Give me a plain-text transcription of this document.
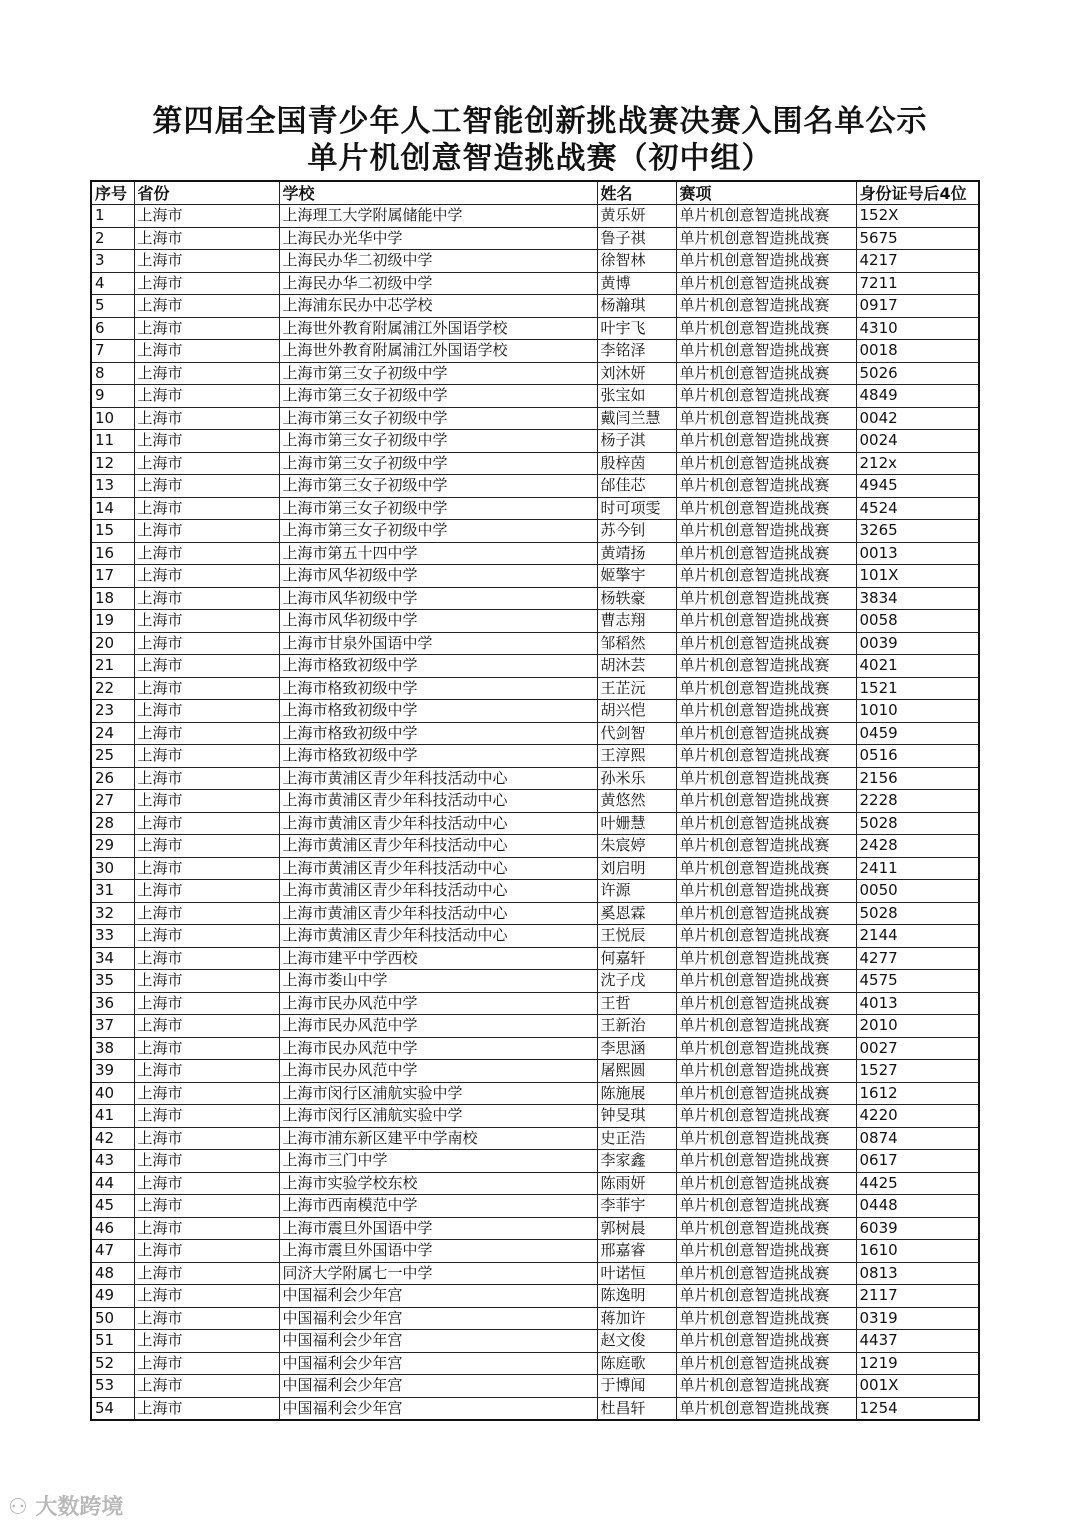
第四届全国青少年人工智能创新挑战赛决赛入围名单公示
单片机创意智造挑战赛（初中组）
序号	省份	学校	姓名	赛项	身份证号后4位
1	上海市	上海理工大学附属储能中学	黄乐妍	单片机创意智造挑战赛	152X
2	上海市	上海民办光华中学	鲁子祺	单片机创意智造挑战赛	5675
3	上海市	上海民办华二初级中学	徐智林	单片机创意智造挑战赛	4217
4	上海市	上海民办华二初级中学	黄博	单片机创意智造挑战赛	7211
5	上海市	上海浦东民办中芯学校	杨瀚琪	单片机创意智造挑战赛	0917
6	上海市	上海世外教育附属浦江外国语学校	叶宇飞	单片机创意智造挑战赛	4310
7	上海市	上海世外教育附属浦江外国语学校	李铭泽	单片机创意智造挑战赛	0018
8	上海市	上海市第三女子初级中学	刘沐妍	单片机创意智造挑战赛	5026
9	上海市	上海市第三女子初级中学	张宝如	单片机创意智造挑战赛	4849
10	上海市	上海市第三女子初级中学	戴闫兰慧	单片机创意智造挑战赛	0042
11	上海市	上海市第三女子初级中学	杨子淇	单片机创意智造挑战赛	0024
12	上海市	上海市第三女子初级中学	殷梓茵	单片机创意智造挑战赛	212x
13	上海市	上海市第三女子初级中学	邰佳芯	单片机创意智造挑战赛	4945
14	上海市	上海市第三女子初级中学	时可项雯	单片机创意智造挑战赛	4524
15	上海市	上海市第三女子初级中学	苏今钊	单片机创意智造挑战赛	3265
16	上海市	上海市第五十四中学	黄靖扬	单片机创意智造挑战赛	0013
17	上海市	上海市风华初级中学	姬擎宇	单片机创意智造挑战赛	101X
18	上海市	上海市风华初级中学	杨轶豪	单片机创意智造挑战赛	3834
19	上海市	上海市风华初级中学	曹志翔	单片机创意智造挑战赛	0058
20	上海市	上海市甘泉外国语中学	邹稻然	单片机创意智造挑战赛	0039
21	上海市	上海市格致初级中学	胡沐芸	单片机创意智造挑战赛	4021
22	上海市	上海市格致初级中学	王芷沅	单片机创意智造挑战赛	1521
23	上海市	上海市格致初级中学	胡兴恺	单片机创意智造挑战赛	1010
24	上海市	上海市格致初级中学	代剑智	单片机创意智造挑战赛	0459
25	上海市	上海市格致初级中学	王淳熙	单片机创意智造挑战赛	0516
26	上海市	上海市黄浦区青少年科技活动中心	孙米乐	单片机创意智造挑战赛	2156
27	上海市	上海市黄浦区青少年科技活动中心	黄悠然	单片机创意智造挑战赛	2228
28	上海市	上海市黄浦区青少年科技活动中心	叶姗慧	单片机创意智造挑战赛	5028
29	上海市	上海市黄浦区青少年科技活动中心	朱宸婷	单片机创意智造挑战赛	2428
30	上海市	上海市黄浦区青少年科技活动中心	刘启明	单片机创意智造挑战赛	2411
31	上海市	上海市黄浦区青少年科技活动中心	许源	单片机创意智造挑战赛	0050
32	上海市	上海市黄浦区青少年科技活动中心	奚恩霖	单片机创意智造挑战赛	5028
33	上海市	上海市黄浦区青少年科技活动中心	王悦辰	单片机创意智造挑战赛	2144
34	上海市	上海市建平中学西校	何嘉轩	单片机创意智造挑战赛	4277
35	上海市	上海市娄山中学	沈子戊	单片机创意智造挑战赛	4575
36	上海市	上海市民办风范中学	王哲	单片机创意智造挑战赛	4013
37	上海市	上海市民办风范中学	王新治	单片机创意智造挑战赛	2010
38	上海市	上海市民办风范中学	李思涵	单片机创意智造挑战赛	0027
39	上海市	上海市民办风范中学	屠熙圆	单片机创意智造挑战赛	1527
40	上海市	上海市闵行区浦航实验中学	陈施展	单片机创意智造挑战赛	1612
41	上海市	上海市闵行区浦航实验中学	钟旻琪	单片机创意智造挑战赛	4220
42	上海市	上海市浦东新区建平中学南校	史正浩	单片机创意智造挑战赛	0874
43	上海市	上海市三门中学	李家鑫	单片机创意智造挑战赛	0617
44	上海市	上海市实验学校东校	陈雨妍	单片机创意智造挑战赛	4425
45	上海市	上海市西南模范中学	李菲宇	单片机创意智造挑战赛	0448
46	上海市	上海市震旦外国语中学	郭树晨	单片机创意智造挑战赛	6039
47	上海市	上海市震旦外国语中学	邢嘉睿	单片机创意智造挑战赛	1610
48	上海市	同济大学附属七一中学	叶诺恒	单片机创意智造挑战赛	0813
49	上海市	中国福利会少年宫	陈逸明	单片机创意智造挑战赛	2117
50	上海市	中国福利会少年宫	蒋加许	单片机创意智造挑战赛	0319
51	上海市	中国福利会少年宫	赵文俊	单片机创意智造挑战赛	4437
52	上海市	中国福利会少年宫	陈庭歌	单片机创意智造挑战赛	1219
53	上海市	中国福利会少年宫	于博闻	单片机创意智造挑战赛	001X
54	上海市	中国福利会少年宫	杜昌轩	单片机创意智造挑战赛	1254
⚇ 大数跨境
